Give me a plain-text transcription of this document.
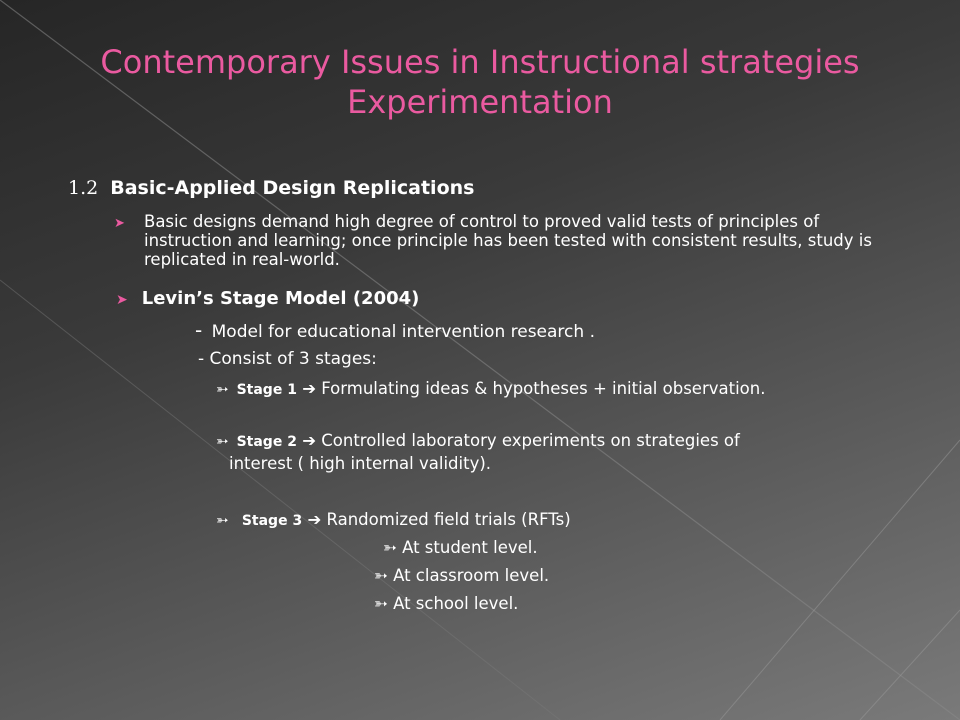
Contemporary Issues in Instructional strategies
Experimentation
1.2 Basic-Applied Design Replications
➤ Basic designs demand high degree of control to proved valid tests of principles of instruction and learning; once principle has been tested with consistent results, study is replicated in real-world.
➤ Levin’s Stage Model (2004)
- Model for educational intervention research .
- Consist of 3 stages:
➳ Stage 1 ➔ Formulating ideas & hypotheses + initial observation.
➳ Stage 2 ➔ Controlled laboratory experiments on strategies of
interest ( high internal validity).
➳ Stage 3 ➔ Randomized field trials (RFTs)
➳ At student level.
➳ At classroom level.
➳ At school level.
